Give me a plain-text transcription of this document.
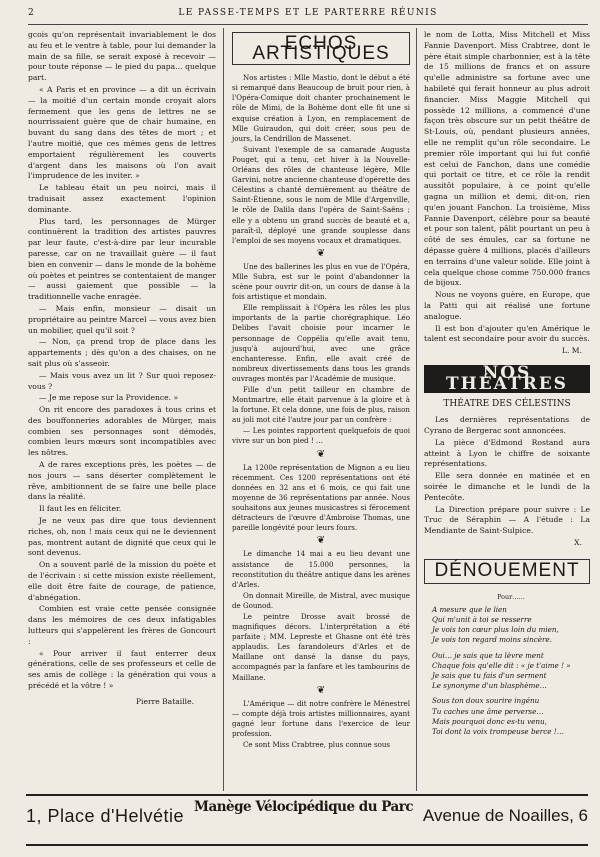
2	LE PASSE-TEMPS ET LE PARTERRE RÉUNIS

gcois qu'on représentait invariablement le dos au feu et le ventre à table, pour lui demander la main de sa fille, se serait exposé à recevoir — pour toute réponse — le pied du papa... quelque part.

« A Paris et en province — a dit un écrivain — la moitié d'un certain monde croyait alors fermement que les gens de lettres ne se nourrissaient guère que de chair humaine, en buvant du sang dans des têtes de mort ; et l'autre moitié, que ces mêmes gens de lettres emportaient régulièrement les couverts d'argent dans les maisons où l'on avait l'imprudence de les inviter. »

Le tableau était un peu noirci, mais il traduisait assez exactement l'opinion dominante.

Plus tard, les personnages de Mürger continuèrent la tradition des artistes pauvres par leur faute, c'est-à-dire par leur incurable paresse, car on ne travaillait guère — il faut bien en convenir — dans le monde de la bohème où poètes et peintres se contentaient de manger — aussi gaiement que possible — la traditionnelle vache enragée.

— Mais enfin, monsieur — disait un propriétaire au peintre Marcel — vous avez bien un mobilier, quel qu'il soit ?

— Non, ça prend trop de place dans les appartements ; dès qu'on a des chaises, on ne sait plus où s'asseoir.

— Mais vous avez un lit ? Sur quoi reposez-vous ?

— Je me repose sur la Providence. »

On rit encore des paradoxes à tous crins et des bouffonneries adorables de Mürger, mais combien ses personnages sont démodés, combien leurs mœurs sont incompatibles avec les nôtres.

A de rares exceptions près, les poètes — de nos jours — sans déserter complètement le rêve, ambitionnent de se faire une belle place dans la réalité.

Il faut les en féliciter.

Je ne veux pas dire que tous deviennent riches, oh, non ! mais ceux qui ne le deviennent pas, montrent autant de dignité que ceux qui le sont devenus.

On a souvent parlé de la mission du poète et de l'écrivain : si cette mission existe réellement, elle doit être faite de courage, de patience, d'abnégation.

Combien est vraie cette pensée consignée dans les mémoires de ces deux infatigables lutteurs qui s'appelèrent les frères de Goncourt :

« Pour arriver il faut enterrer deux générations, celle de ses professeurs et celle de ses amis de collège : la génération qui vous a précédé et la vôtre ! »

Pierre Bataille.

ECHOS ARTISTIQUES

Nos artistes : Mlle Mastio, dont le début a été si remarqué dans Beaucoup de bruit pour rien, à l'Opéra-Comique doit chanter prochainement le rôle de Mimi, de la Bohème dont elle fit une si exquise création à Lyon, en remplacement de Mlle Guiraudon, qui doit créer, sous peu de jours, la Cendrillon de Massenet.

Suivant l'exemple de sa camarade Augusta Pouget, qui a tenu, cet hiver à la Nouvelle-Orléans des rôles de chanteuse légère, Mlle Garvini, notre ancienne chanteuse d'opérette des Célestins a chanté dernièrement au théâtre de Saint-Étienne, sous le nom de Mlle d'Argenville, le rôle de Dalila dans l'opéra de Saint-Saëns ; elle y a obtenu un grand succès de beauté et a, paraît-il, déployé une grande souplesse dans l'emploi de ses moyens vocaux et dramatiques.

❦

Une des ballerines les plus en vue de l'Opéra, Mlle Subra, est sur le point d'abandonner la scène pour ouvrir dit-on, un cours de danse à la fois artistique et mondain.

Elle remplissait à l'Opéra les rôles les plus importants de la partie chorégraphique. Léo Delibes l'avait choisie pour incarner le personnage de Coppélia qu'elle avait tenu, jusqu'à aujourd'hui, avec une grâce enchanteresse. Enfin, elle avait créé de nombreux divertissements dans tous les grands ouvrages montés par l'Académie de musique.

Fille d'un petit tailleur en chambre de Montmartre, elle était parvenue à la gloire et à la fortune. Et cela donne, une fois de plus, raison au joli mot cité l'autre jour par un confrère :

— Les pointes rapportent quelquefois de quoi vivre sur un bon pied ! …

❦

La 1200e représentation de Mignon a eu lieu récemment. Ces 1200 représentations ont été données en 32 ans et 6 mois, ce qui fait une moyenne de 36 représentations par année. Nous souhaitons aux jeunes musicastres si férocement détracteurs de l'œuvre d'Ambroise Thomas, une pareille longévité pour leurs fours.

❦

Le dimanche 14 mai a eu lieu devant une assistance de 15.000 personnes, la reconstitution du théâtre antique dans les arènes d'Arles.

On donnait Mireille, de Mistral, avec musique de Gounod.

Le peintre Drosse avait brossé de magnifiques décors. L'interprétation a été parfaite ; MM. Lepreste et Ghasne ont été très applaudis. Les farandoleurs d'Arles et de Maillane ont dansé la danse du pays, accompagnés par la fanfare et les tambourins de Maillane.

❦

L'Amérique — dit notre confrère le Ménestrel — compte déjà trois artistes millionnaires, ayant gagné leur fortune dans l'exercice de leur profession.

Ce sont Miss Crabtree, plus connue sous

le nom de Lotta, Miss Mitchell et Miss Fannie Davenport. Miss Crabtree, dont le père était simple charbonnier, est à la tête de 15 millions de francs et on assure qu'elle administre sa fortune avec une habileté qui ferait honneur au plus adroit financier. Miss Maggie Mitchell qui possède 12 millions, a commencé d'une façon très obscure sur un petit théâtre de St-Louis, où, pendant plusieurs années, elle ne remplit qu'un rôle secondaire. Le premier rôle important qui lui fut confié est celui de Fanchon, dans une comédie qui portait ce titre, et ce rôle la rendit aussitôt populaire, à ce point qu'elle gagna un million et demi, dit-on, rien qu'en jouant Fanchon. La troisième, Miss Fannie Davenport, célèbre pour sa beauté et pour son talent, pâlit pourtant un peu à côté de ses émules, car sa fortune ne dépasse guère 4 millions, placés d'ailleurs en terrains d'une valeur solide. Elle joint à cela quelque chose comme 750.000 francs de bijoux.

Nous ne voyons guère, en Europe, que la Patti qui ait réalisé une fortune analogue.

Il est bon d'ajouter qu'en Amérique le talent est secondaire pour avoir du succès.

L. M.

NOS THÉATRES
THÉATRE DES CÉLESTINS

Les dernières représentations de Cyrano de Bergerac sont annoncées.

La pièce d'Edmond Rostand aura atteint à Lyon le chiffre de soixante représentations.

Elle sera donnée en matinée et en soirée le dimanche et le lundi de la Pentecôte.

La Direction prépare pour suivre : Le Truc de Séraphin — A l'étude : La Mendiante de Saint-Sulpice.

X.

DÉNOUEMENT
Pour……
A mesure que le lien
Qui m'unit à toi se resserre
Je vois ton cœur plus loin du mien,
Je vois ton regard moins sincère.
Oui… je sais que ta lèvre ment
Chaque fois qu'elle dit : « je t'aime ! »
Je sais que tu fais d'un serment
Le synonyme d'un blasphème…
Sous ton doux sourire ingénu
Tu caches une âme perverse…
Mais pourquoi donc es-tu venu,
Toi dont la voix trompeuse berce !…
1, Place d'Helvétie Manège Vélocipédique du Parc Avenue de Noailles, 6
